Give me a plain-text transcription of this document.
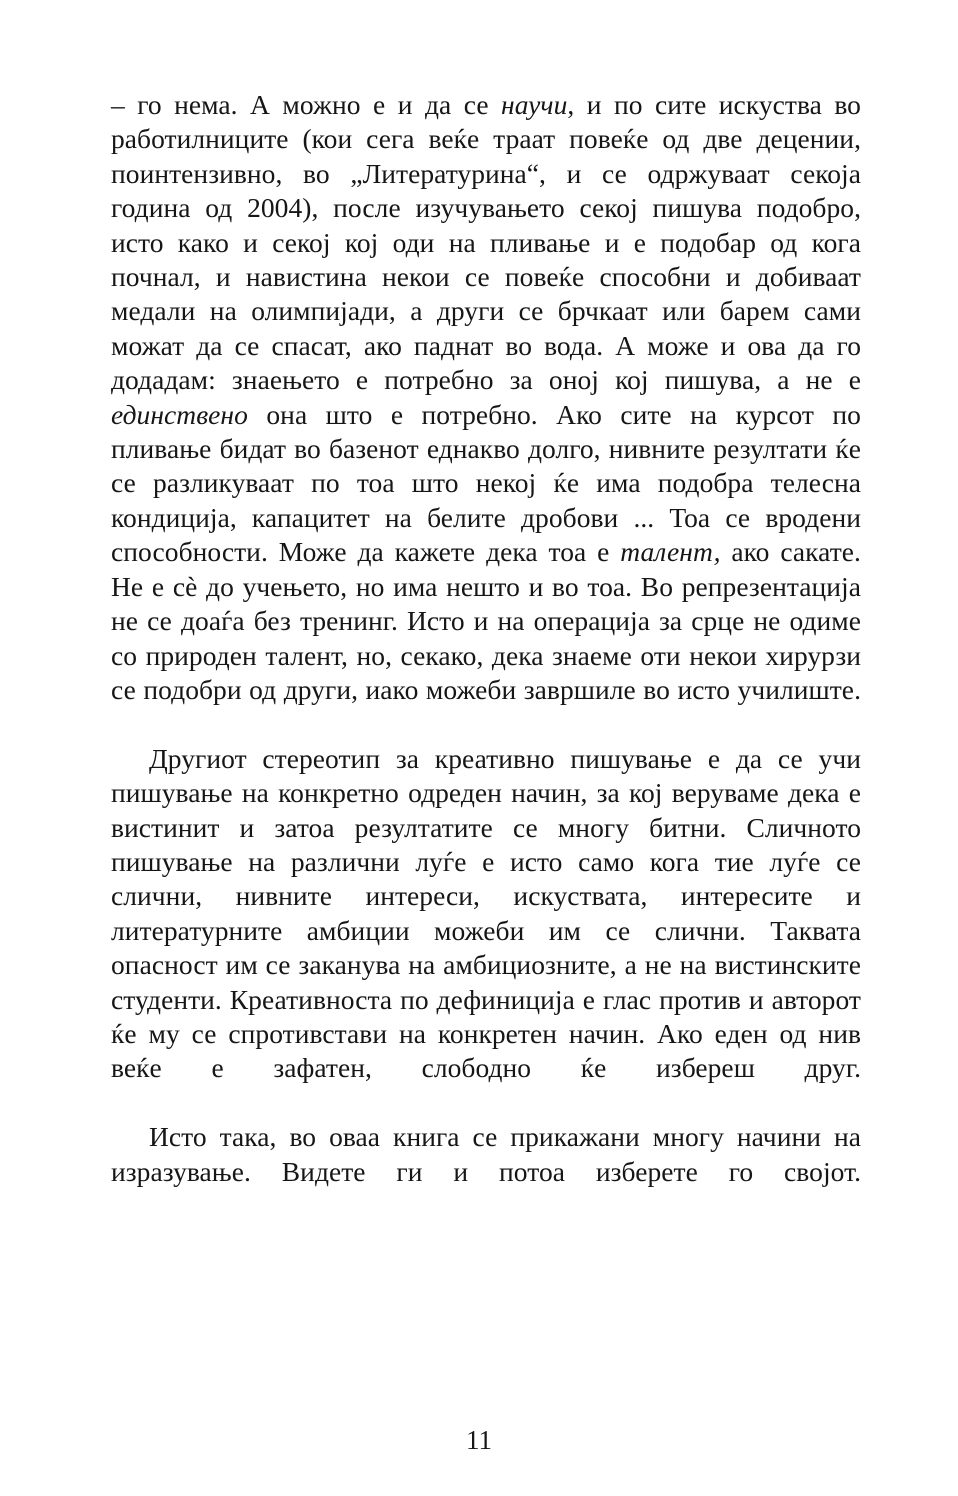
– го нема. А можно е и да се научи, и по сите искуства во работилниците (кои сега веќе траат повеќе од две децении, поинтензивно, во „Литературина“, и се одржуваат секоја година од 2004), после изучувањето секој пишува подобро, исто како и секој кој оди на пливање и е подобар од кога почнал, и навистина некои се повеќе способни и добиваат медали на олимпијади, а други се брчкаат или барем сами можат да се спасат, ако паднат во вода. А може и ова да го додадам: знаењето е потребно за оној кој пишува, а не е единствено она што е потребно. Ако сите на курсот по пливање бидат во базенот еднакво долго, нивните резултати ќе се разликуваат по тоа што некој ќе има подобра телесна кондиција, капацитет на белите дробови ... Тоа се вродени способности. Може да кажете дека тоа е талент, ако сакате. Не е сè до учењето, но има нешто и во тоа. Во репрезентација не се доаѓа без тренинг. Исто и на операција за срце не одиме со природен талент, но, секако, дека знаеме оти некои хирурзи се подобри од други, иако можеби завршиле во исто училиште.

Другиот стереотип за креативно пишување е да се учи пишување на конкретно одреден начин, за кој веруваме дека е вистинит и затоа резултатите се многу битни. Сличното пишување на различни луѓе е исто само кога тие луѓе се слични, нивните интереси, искуствата, интересите и литературните амбиции можеби им се слични. Таквата опасност им се заканува на амбициозните, а не на вистинските студенти. Креативноста по дефиниција е глас против и авторот ќе му се спротивстави на конкретен начин. Ако еден од нив веќе е зафатен, слободно ќе избереш друг.

Исто така, во оваа книга се прикажани многу начини на изразување. Видете ги и потоа изберете го својот.

11
